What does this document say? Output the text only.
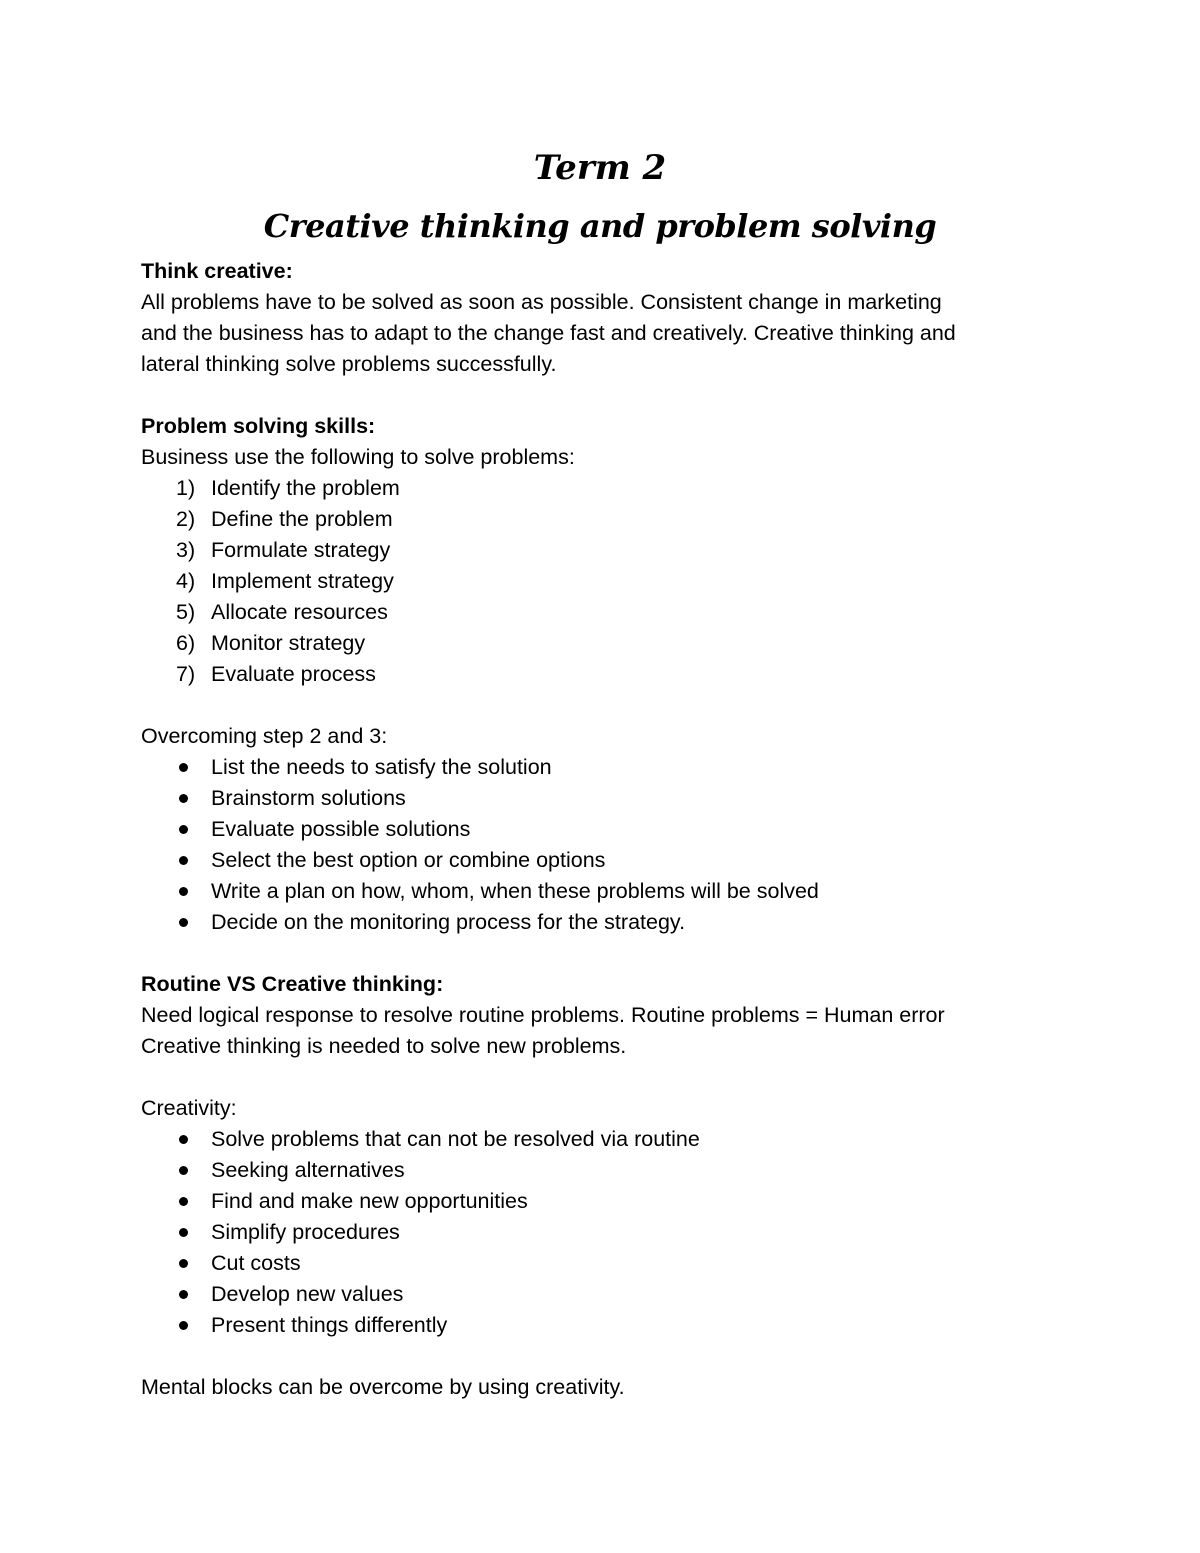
Term 2
Creative thinking and problem solving
Think creative:
All problems have to be solved as soon as possible. Consistent change in marketing
and the business has to adapt to the change fast and creatively. Creative thinking and
lateral thinking solve problems successfully.
Problem solving skills:
Business use the following to solve problems:
1) Identify the problem
2) Define the problem
3) Formulate strategy
4) Implement strategy
5) Allocate resources
6) Monitor strategy
7) Evaluate process
Overcoming step 2 and 3:
List the needs to satisfy the solution
Brainstorm solutions
Evaluate possible solutions
Select the best option or combine options
Write a plan on how, whom, when these problems will be solved
Decide on the monitoring process for the strategy.
Routine VS Creative thinking:
Need logical response to resolve routine problems. Routine problems = Human error
Creative thinking is needed to solve new problems.
Creativity:
Solve problems that can not be resolved via routine
Seeking alternatives
Find and make new opportunities
Simplify procedures
Cut costs
Develop new values
Present things differently
Mental blocks can be overcome by using creativity.
